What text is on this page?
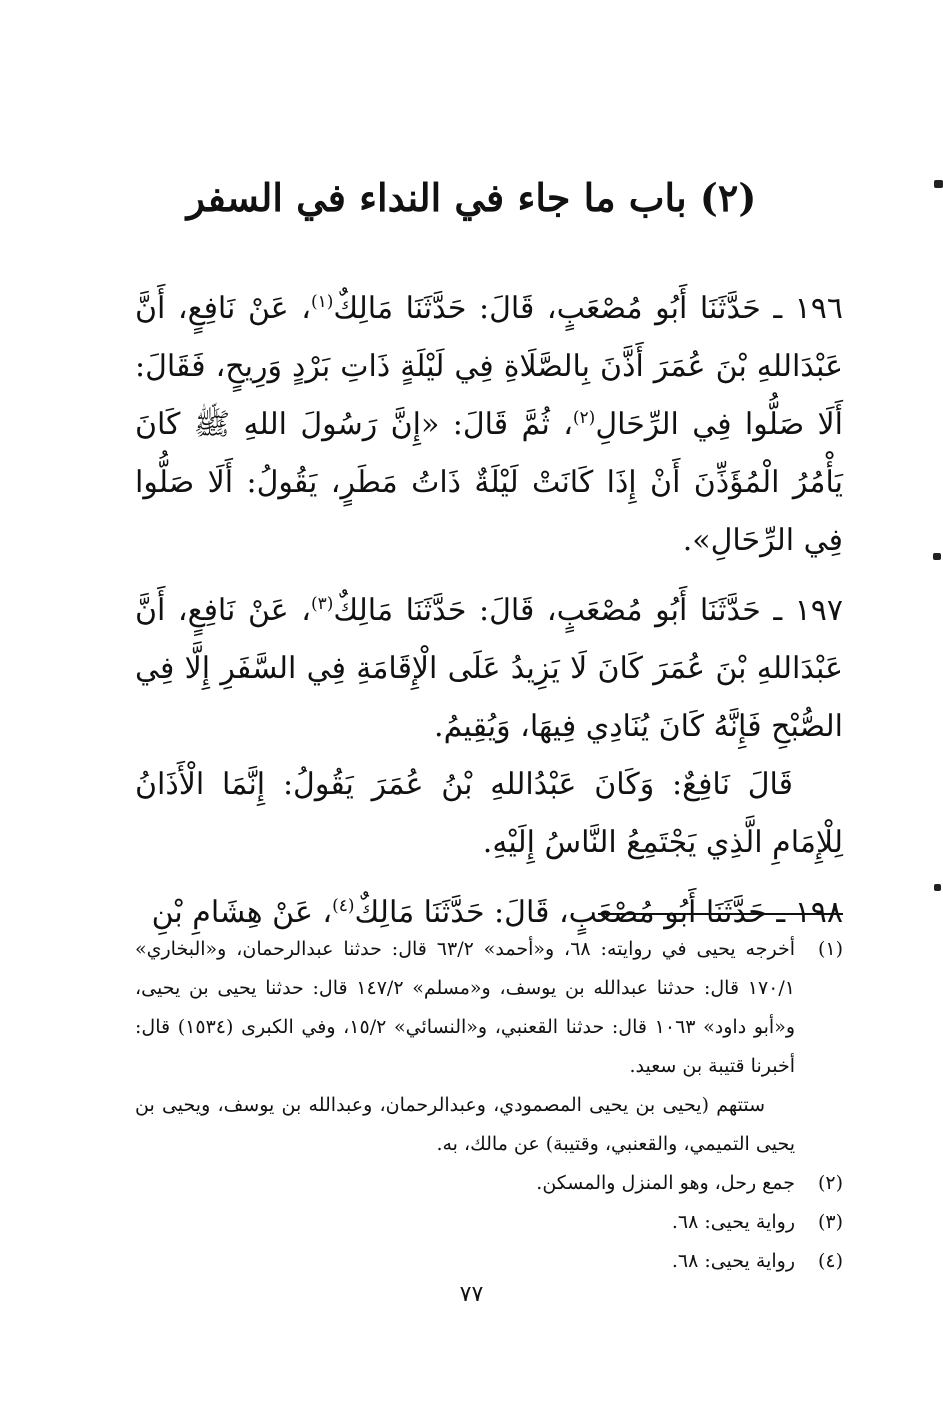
(٢) باب ما جاء في النداء في السفر

١٩٦ ـ حَدَّثَنَا أَبُو مُصْعَبٍ، قَالَ: حَدَّثَنَا مَالِكٌ$^{(١)}$، عَنْ نَافِعٍ، أَنَّ عَبْدَاللهِ بْنَ عُمَرَ أَذَّنَ بِالصَّلَاةِ فِي لَيْلَةٍ ذَاتِ بَرْدٍ وَرِيحٍ، فَقَالَ: أَلَا صَلُّوا فِي الرِّحَالِ$^{(٢)}$، ثُمَّ قَالَ: «إِنَّ رَسُولَ اللهِ ﷺ كَانَ يَأْمُرُ الْمُؤَذِّنَ أَنْ إِذَا كَانَتْ لَيْلَةٌ ذَاتُ مَطَرٍ، يَقُولُ: أَلَا صَلُّوا فِي الرِّحَالِ».

١٩٧ ـ حَدَّثَنَا أَبُو مُصْعَبٍ، قَالَ: حَدَّثَنَا مَالِكٌ$^{(٣)}$، عَنْ نَافِعٍ، أَنَّ عَبْدَاللهِ بْنَ عُمَرَ كَانَ لَا يَزِيدُ عَلَى الْإِقَامَةِ فِي السَّفَرِ إِلَّا فِي الصُّبْحِ فَإِنَّهُ كَانَ يُنَادِي فِيهَا، وَيُقِيمُ.

قَالَ نَافِعٌ: وَكَانَ عَبْدُاللهِ بْنُ عُمَرَ يَقُولُ: إِنَّمَا الْأَذَانُ لِلْإِمَامِ الَّذِي يَجْتَمِعُ النَّاسُ إِلَيْهِ.

١٩٨ ـ حَدَّثَنَا أَبُو مُصْعَبٍ، قَالَ: حَدَّثَنَا مَالِكٌ$^{(٤)}$، عَنْ هِشَامِ بْنِ

(١)
أخرجه يحيى في روايته: ٦٨، و«أحمد» ٦٣/٢ قال: حدثنا عبدالرحمان، و«البخاري» ١٧٠/١ قال: حدثنا عبدالله بن يوسف، و«مسلم» ١٤٧/٢ قال: حدثنا يحيى بن يحيى، و«أبو داود» ١٠٦٣ قال: حدثنا القعنبي، و«النسائي» ١٥/٢، وفي الكبرى (١٥٣٤) قال: أخبرنا قتيبة بن سعيد.

ستتهم (يحيى بن يحيى المصمودي، وعبدالرحمان، وعبدالله بن يوسف، ويحيى بن يحيى التميمي، والقعنبي، وقتيبة) عن مالك، به.

(٢)
جمع رحل، وهو المنزل والمسكن.
(٣)
رواية يحيى: ٦٨.
(٤)
رواية يحيى: ٦٨.
٧٧
